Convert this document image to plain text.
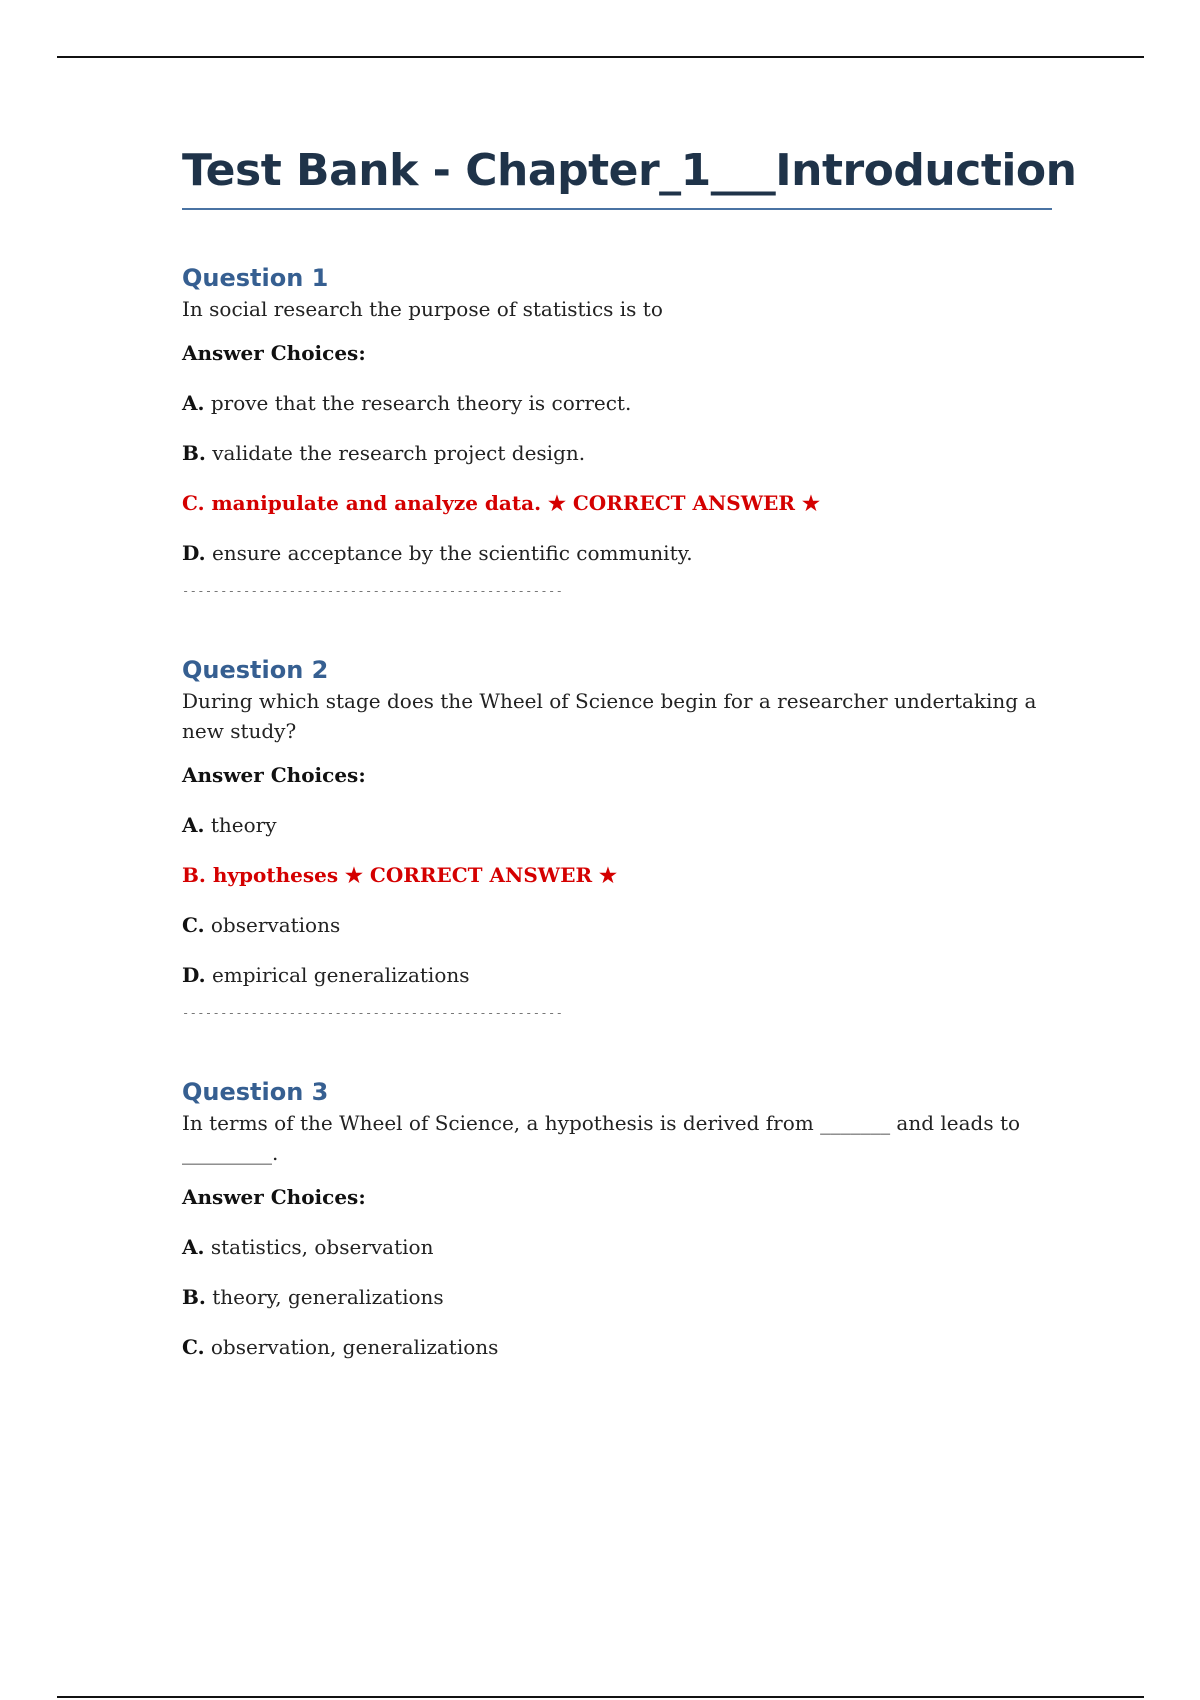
Test Bank - Chapter_1___Introduction
Question 1

In social research the purpose of statistics is to

Answer Choices:

A. prove that the research theory is correct.

B. validate the research project design.

C. manipulate and analyze data. ★ CORRECT ANSWER ★

D. ensure acceptance by the scientific community.

--------------------------------------------------
Question 2

During which stage does the Wheel of Science begin for a researcher undertaking a new study?

Answer Choices:

A. theory

B. hypotheses ★ CORRECT ANSWER ★

C. observations

D. empirical generalizations

--------------------------------------------------
Question 3

In terms of the Wheel of Science, a hypothesis is derived from _______ and leads to _________.

Answer Choices:

A. statistics, observation

B. theory, generalizations

C. observation, generalizations
